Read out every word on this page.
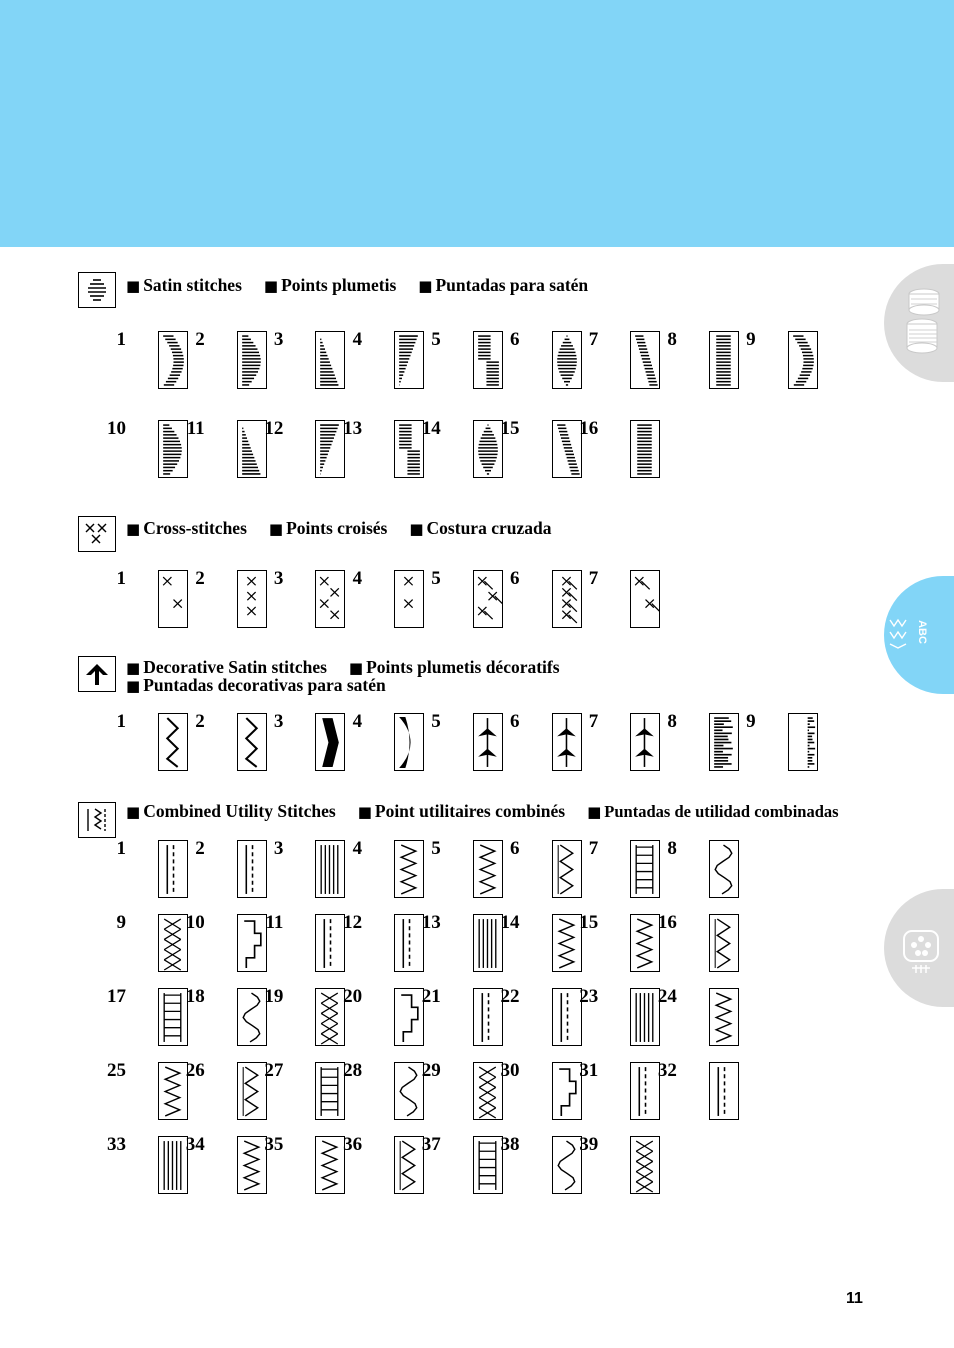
■ Satin stitches ■ Points plumetis ■ Puntadas para satén
1	2	3	4	5	6	7	8	9
10	11	12	13	14	15	16
■ Cross-stitches ■ Points croisés ■ Costura cruzada
1	2	3	4	5	6	7
■ Decorative Satin stitches ■ Points plumetis décoratifs
■ Puntadas decorativas para satén
1	2	3	4	5	6	7	8	9
■ Combined Utility Stitches ■ Point utilitaires combinés ■ Puntadas de utilidad combinadas
1	2	3	4	5	6	7	8
9	10	11	12	13	14	15	16
17	18	19	20	21	22	23	24
25	26	27	28	29	30	31	32
33	34	35	36	37	38	39
ABC
11
